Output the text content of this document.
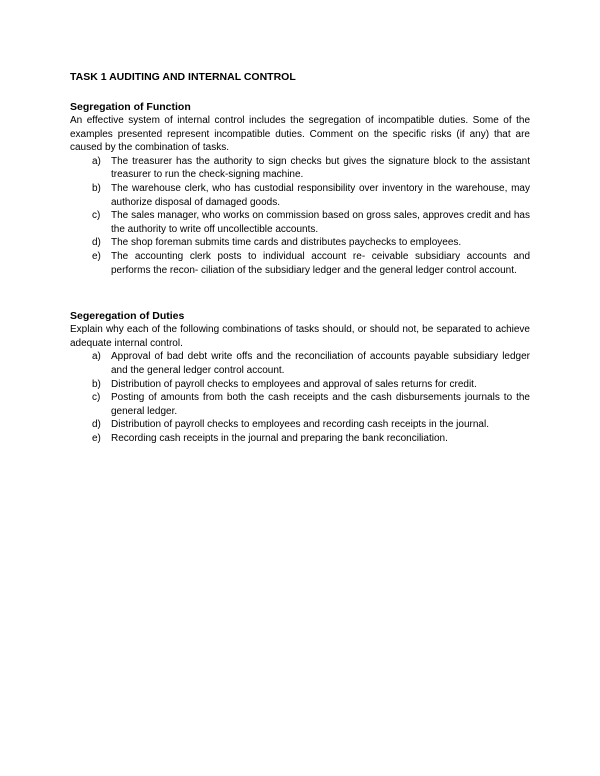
TASK 1 AUDITING AND INTERNAL CONTROL
Segregation of Function

An effective system of internal control includes the segregation of incompatible duties. Some of the examples presented represent incompatible duties. Comment on the specific risks (if any) that are caused by the combination of tasks.

a) The treasurer has the authority to sign checks but gives the signature block to the assistant treasurer to run the check-signing machine.
b) The warehouse clerk, who has custodial responsibility over inventory in the warehouse, may authorize disposal of damaged goods.
c) The sales manager, who works on commission based on gross sales, approves credit and has the authority to write off uncollectible accounts.
d) The shop foreman submits time cards and distributes paychecks to employees.
e) The accounting clerk posts to individual account re- ceivable subsidiary accounts and performs the recon- ciliation of the subsidiary ledger and the general ledger control account.
Segeregation of Duties

Explain why each of the following combinations of tasks should, or should not, be separated to achieve adequate internal control.

a) Approval of bad debt write offs and the reconciliation of accounts payable subsidiary ledger and the general ledger control account.
b) Distribution of payroll checks to employees and approval of sales returns for credit.
c) Posting of amounts from both the cash receipts and the cash disbursements journals to the general ledger.
d) Distribution of payroll checks to employees and recording cash receipts in the journal.
e) Recording cash receipts in the journal and preparing the bank reconciliation.
